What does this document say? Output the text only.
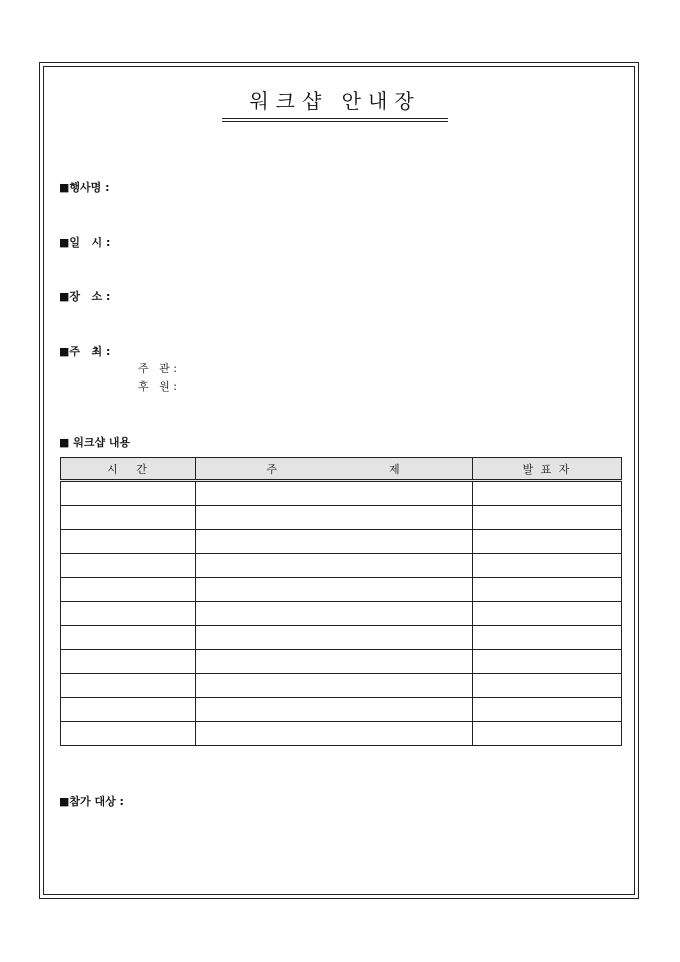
워크샵 안내장
■행사명 :
■일   시 :
■장   소 :
■주   최 :
주   관 :
후   원 :
■ 워크샵 내용
시   간	주                    제	발 표 자

■참가 대상 :
